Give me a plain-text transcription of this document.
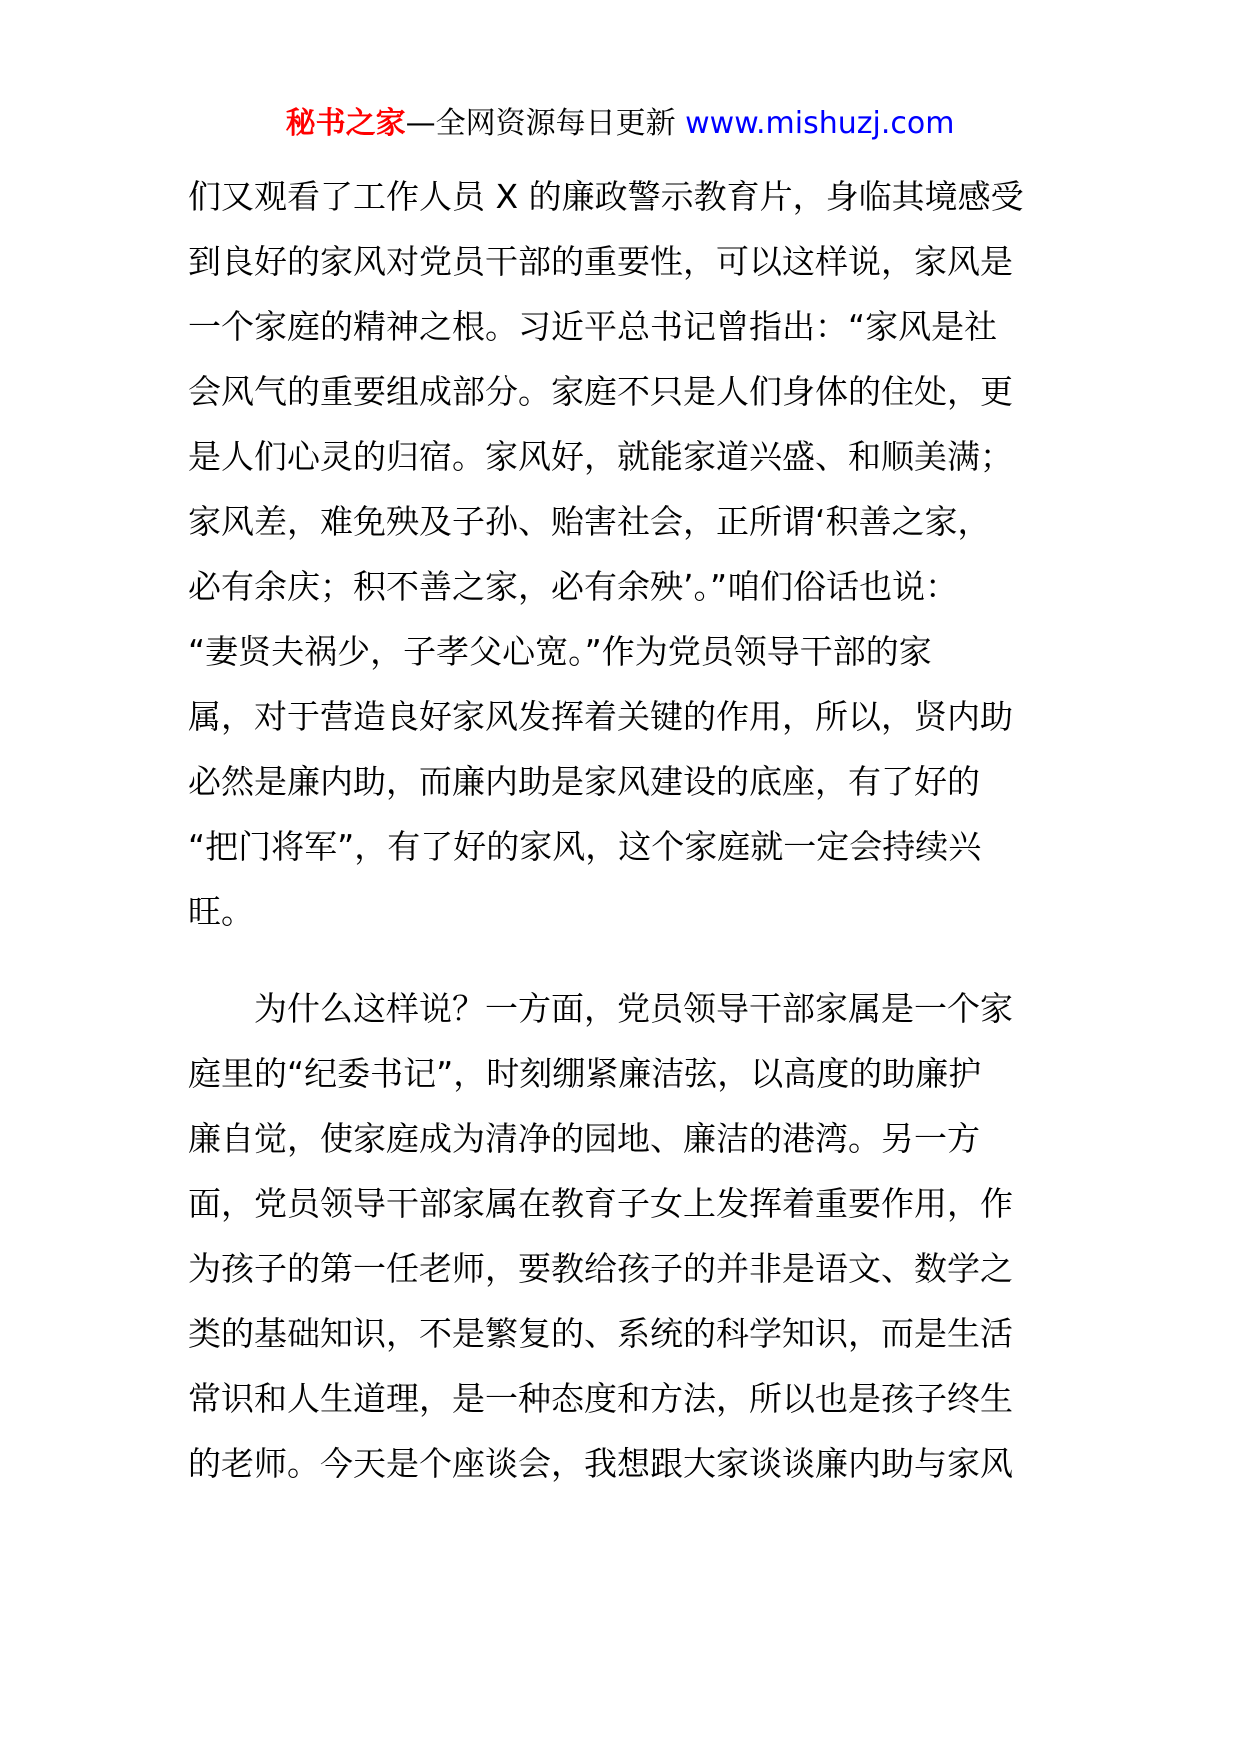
秘书之家—全网资源每日更新 www.mishuzj.com
们又观看了工作人员 X 的廉政警示教育片，身临其境感受
到良好的家风对党员干部的重要性，可以这样说，家风是
一个家庭的精神之根。习近平总书记曾指出：“家风是社
会风气的重要组成部分。家庭不只是人们身体的住处，更
是人们心灵的归宿。家风好，就能家道兴盛、和顺美满；
家风差，难免殃及子孙、贻害社会，正所谓‘积善之家，
必有余庆；积不善之家，必有余殃’。”咱们俗话也说：
“妻贤夫祸少，子孝父心宽。”作为党员领导干部的家
属，对于营造良好家风发挥着关键的作用，所以，贤内助
必然是廉内助，而廉内助是家风建设的底座，有了好的
“把门将军”，有了好的家风，这个家庭就一定会持续兴
旺。
　　为什么这样说？一方面，党员领导干部家属是一个家
庭里的“纪委书记”，时刻绷紧廉洁弦，以高度的助廉护
廉自觉，使家庭成为清净的园地、廉洁的港湾。另一方
面，党员领导干部家属在教育子女上发挥着重要作用，作
为孩子的第一任老师，要教给孩子的并非是语文、数学之
类的基础知识，不是繁复的、系统的科学知识，而是生活
常识和人生道理，是一种态度和方法，所以也是孩子终生
的老师。今天是个座谈会，我想跟大家谈谈廉内助与家风
